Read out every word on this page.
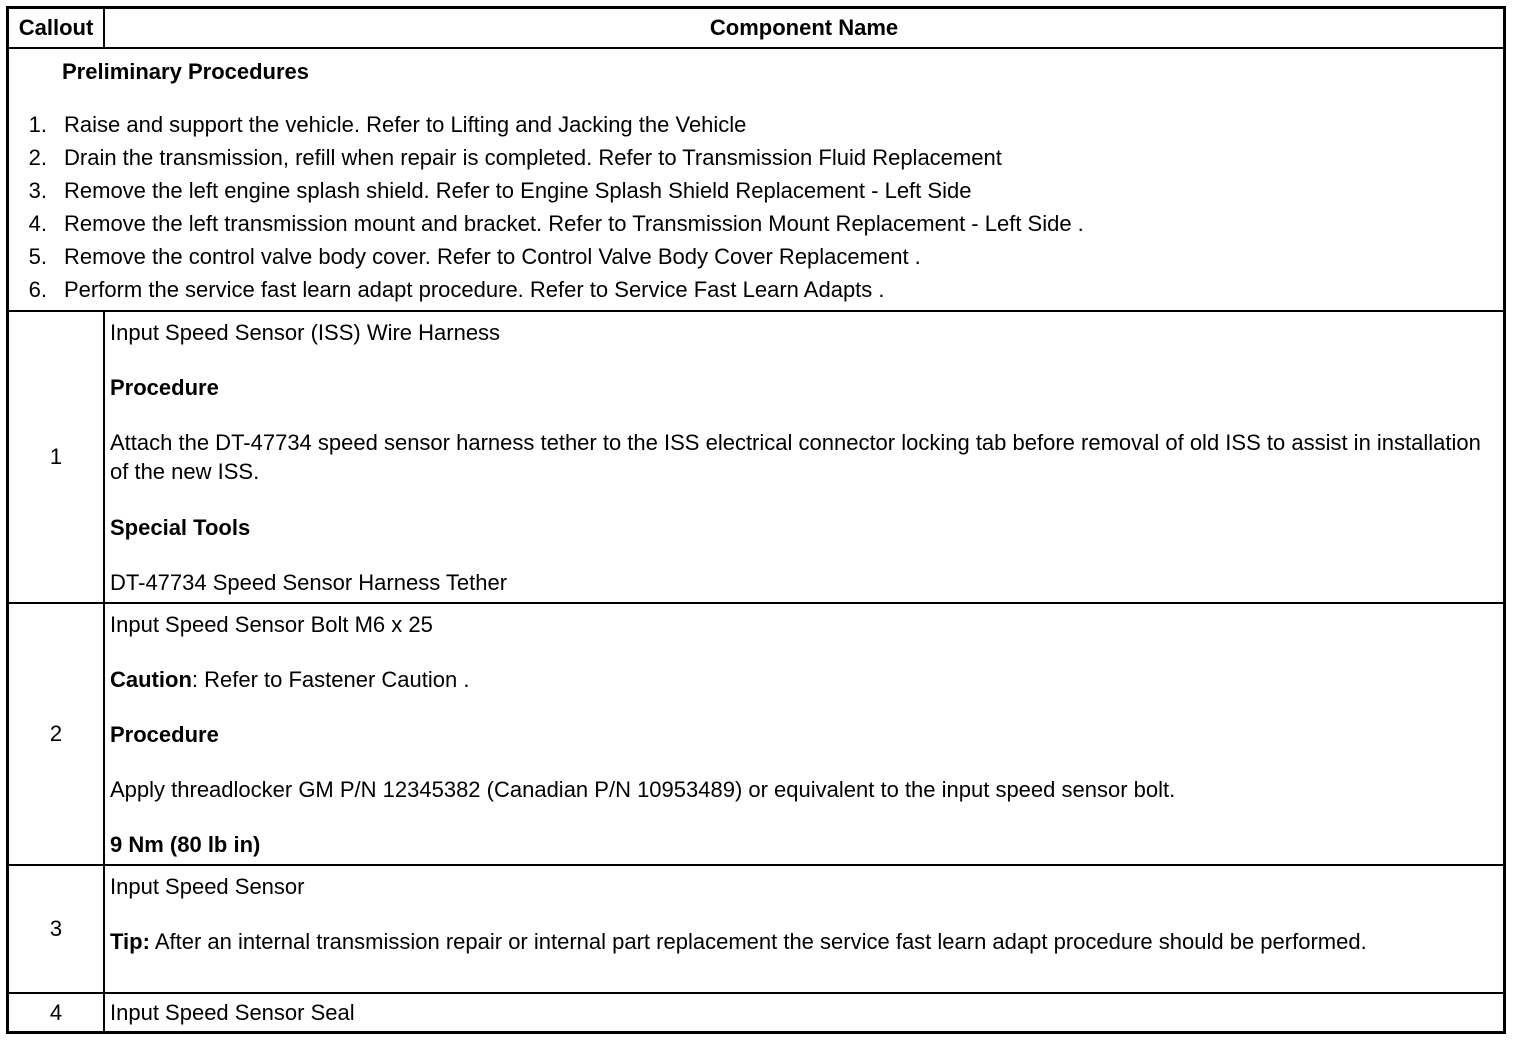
Callout	Component Name
Preliminary Procedures
1. Raise and support the vehicle. Refer to Lifting and Jacking the Vehicle
2. Drain the transmission, refill when repair is completed. Refer to Transmission Fluid Replacement
3. Remove the left engine splash shield. Refer to Engine Splash Shield Replacement - Left Side
4. Remove the left transmission mount and bracket. Refer to Transmission Mount Replacement - Left Side .
5. Remove the control valve body cover. Refer to Control Valve Body Cover Replacement .
6. Perform the service fast learn adapt procedure. Refer to Service Fast Learn Adapts .
1
Input Speed Sensor (ISS) Wire Harness
Procedure
Attach the DT-47734 speed sensor harness tether to the ISS electrical connector locking tab before removal of old ISS to assist in installation of the new ISS.
Special Tools
DT-47734 Speed Sensor Harness Tether
2
Input Speed Sensor Bolt M6 x 25
Caution: Refer to Fastener Caution .
Procedure
Apply threadlocker GM P/N 12345382 (Canadian P/N 10953489) or equivalent to the input speed sensor bolt.
9 Nm (80 lb in)
3
Input Speed Sensor
Tip: After an internal transmission repair or internal part replacement the service fast learn adapt procedure should be performed.
4	Input Speed Sensor Seal
